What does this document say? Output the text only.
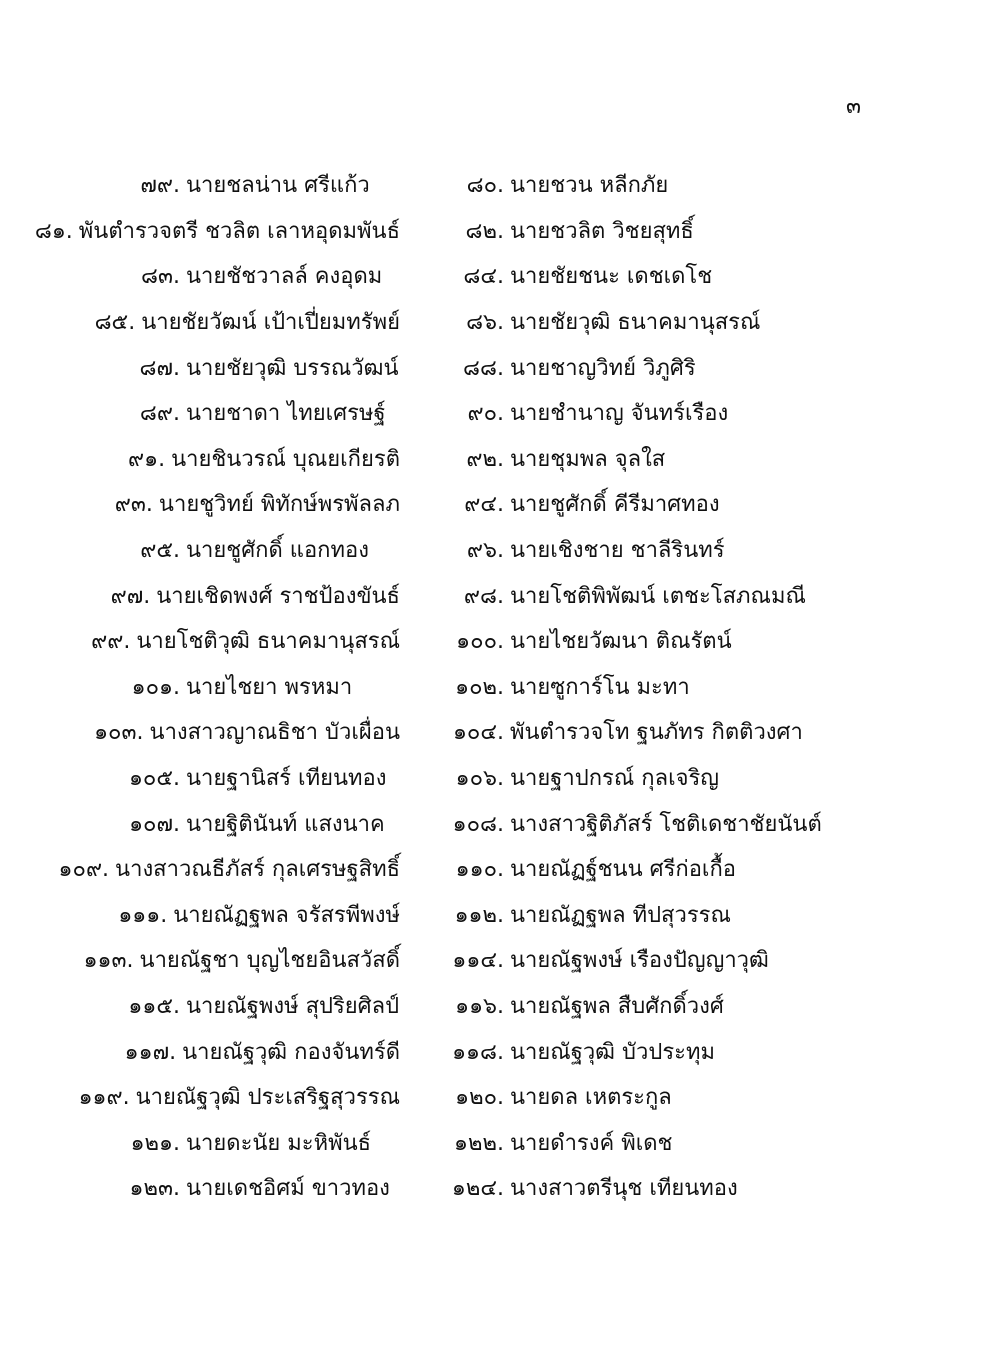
๓
๗๙. นายชลน่าน ศรีแก้ว	๘๐. นายชวน หลีกภัย
๘๑. พันตำรวจตรี ชวลิต เลาหอุดมพันธ์	๘๒. นายชวลิต วิชยสุทธิ์
๘๓. นายชัชวาลล์ คงอุดม	๘๔. นายชัยชนะ เดชเดโช
๘๕. นายชัยวัฒน์ เป้าเปี่ยมทรัพย์	๘๖. นายชัยวุฒิ ธนาคมานุสรณ์
๘๗. นายชัยวุฒิ บรรณวัฒน์	๘๘. นายชาญวิทย์ วิภูศิริ
๘๙. นายชาดา ไทยเศรษฐ์	๙๐. นายชำนาญ จันทร์เรือง
๙๑. นายชินวรณ์ บุณยเกียรติ	๙๒. นายชุมพล จุลใส
๙๓. นายชูวิทย์ พิทักษ์พรพัลลภ	๙๔. นายชูศักดิ์ คีรีมาศทอง
๙๕. นายชูศักดิ์ แอกทอง	๙๖. นายเชิงชาย ชาลีรินทร์
๙๗. นายเชิดพงศ์ ราชป้องขันธ์	๙๘. นายโชติพิพัฒน์ เตชะโสภณมณี
๙๙. นายโชติวุฒิ ธนาคมานุสรณ์	๑๐๐. นายไชยวัฒนา ติณรัตน์
๑๐๑. นายไชยา พรหมา	๑๐๒. นายซูการ์โน มะทา
๑๐๓. นางสาวญาณธิชา บัวเผื่อน	๑๐๔. พันตำรวจโท ฐนภัทร กิตติวงศา
๑๐๕. นายฐานิสร์ เทียนทอง	๑๐๖. นายฐาปกรณ์ กุลเจริญ
๑๐๗. นายฐิตินันท์ แสงนาค	๑๐๘. นางสาวฐิติภัสร์ โชติเดชาชัยนันต์
๑๐๙. นางสาวณธีภัสร์ กุลเศรษฐสิทธิ์	๑๑๐. นายณัฏฐ์ชนน ศรีก่อเกื้อ
๑๑๑. นายณัฏฐพล จรัสรพีพงษ์	๑๑๒. นายณัฏฐพล ทีปสุวรรณ
๑๑๓. นายณัฐชา บุญไชยอินสวัสดิ์	๑๑๔. นายณัฐพงษ์ เรืองปัญญาวุฒิ
๑๑๕. นายณัฐพงษ์ สุปริยศิลป์	๑๑๖. นายณัฐพล สืบศักดิ์วงศ์
๑๑๗. นายณัฐวุฒิ กองจันทร์ดี	๑๑๘. นายณัฐวุฒิ บัวประทุม
๑๑๙. นายณัฐวุฒิ ประเสริฐสุวรรณ	๑๒๐. นายดล เหตระกูล
๑๒๑. นายดะนัย มะหิพันธ์	๑๒๒. นายดำรงค์ พิเดช
๑๒๓. นายเดชอิศม์ ขาวทอง	๑๒๔. นางสาวตรีนุช เทียนทอง
